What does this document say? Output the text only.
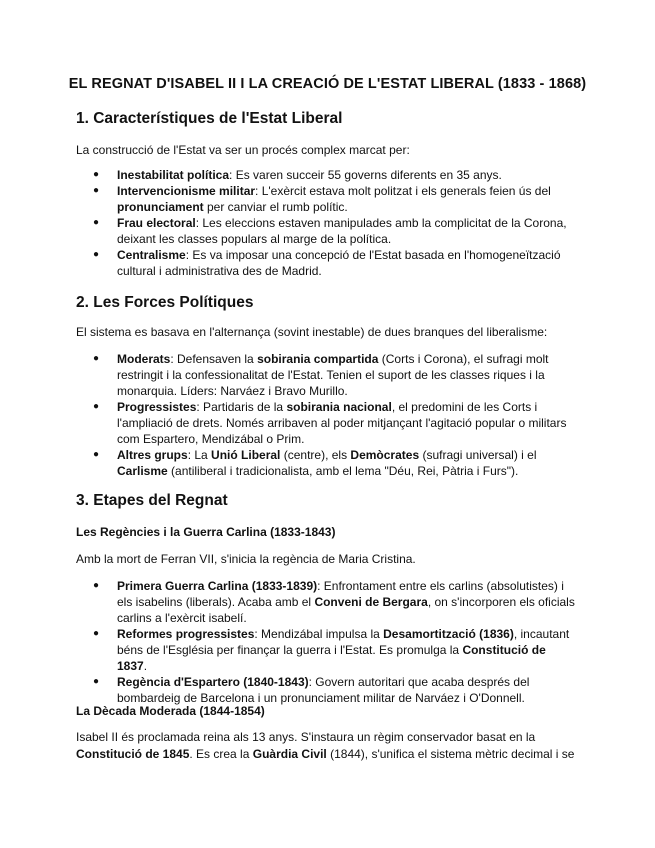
EL REGNAT D'ISABEL II I LA CREACIÓ DE L'ESTAT LIBERAL (1833 - 1868)
1. Característiques de l'Estat Liberal
La construcció de l'Estat va ser un procés complex marcat per:
● Inestabilitat política: Es varen succeir 55 governs diferents en 35 anys.
● Intervencionisme militar: L'exèrcit estava molt politzat i els generals feien ús del pronunciament per canviar el rumb polític.
● Frau electoral: Les eleccions estaven manipulades amb la complicitat de la Corona, deixant les classes populars al marge de la política.
● Centralisme: Es va imposar una concepció de l'Estat basada en l'homogeneïtzació cultural i administrativa des de Madrid.
2. Les Forces Polítiques
El sistema es basava en l'alternança (sovint inestable) de dues branques del liberalisme:
● Moderats: Defensaven la sobirania compartida (Corts i Corona), el sufragi molt restringit i la confessionalitat de l'Estat. Tenien el suport de les classes riques i la monarquia. Líders: Narváez i Bravo Murillo.
● Progressistes: Partidaris de la sobirania nacional, el predomini de les Corts i l'ampliació de drets. Només arribaven al poder mitjançant l'agitació popular o militars com Espartero, Mendizábal o Prim.
● Altres grups: La Unió Liberal (centre), els Demòcrates (sufragi universal) i el Carlisme (antiliberal i tradicionalista, amb el lema "Déu, Rei, Pàtria i Furs").
3. Etapes del Regnat
Les Regències i la Guerra Carlina (1833-1843)
Amb la mort de Ferran VII, s'inicia la regència de Maria Cristina.
● Primera Guerra Carlina (1833-1839): Enfrontament entre els carlins (absolutistes) i els isabelins (liberals). Acaba amb el Conveni de Bergara, on s'incorporen els oficials carlins a l'exèrcit isabelí.
● Reformes progressistes: Mendizábal impulsa la Desamortització (1836), incautant béns de l'Església per finançar la guerra i l'Estat. Es promulga la Constitució de 1837.
● Regència d'Espartero (1840-1843): Govern autoritari que acaba després del bombardeig de Barcelona i un pronunciament militar de Narváez i O'Donnell.
La Dècada Moderada (1844-1854)
Isabel II és proclamada reina als 13 anys. S'instaura un règim conservador basat en la Constitució de 1845. Es crea la Guàrdia Civil (1844), s'unifica el sistema mètric decimal i se
